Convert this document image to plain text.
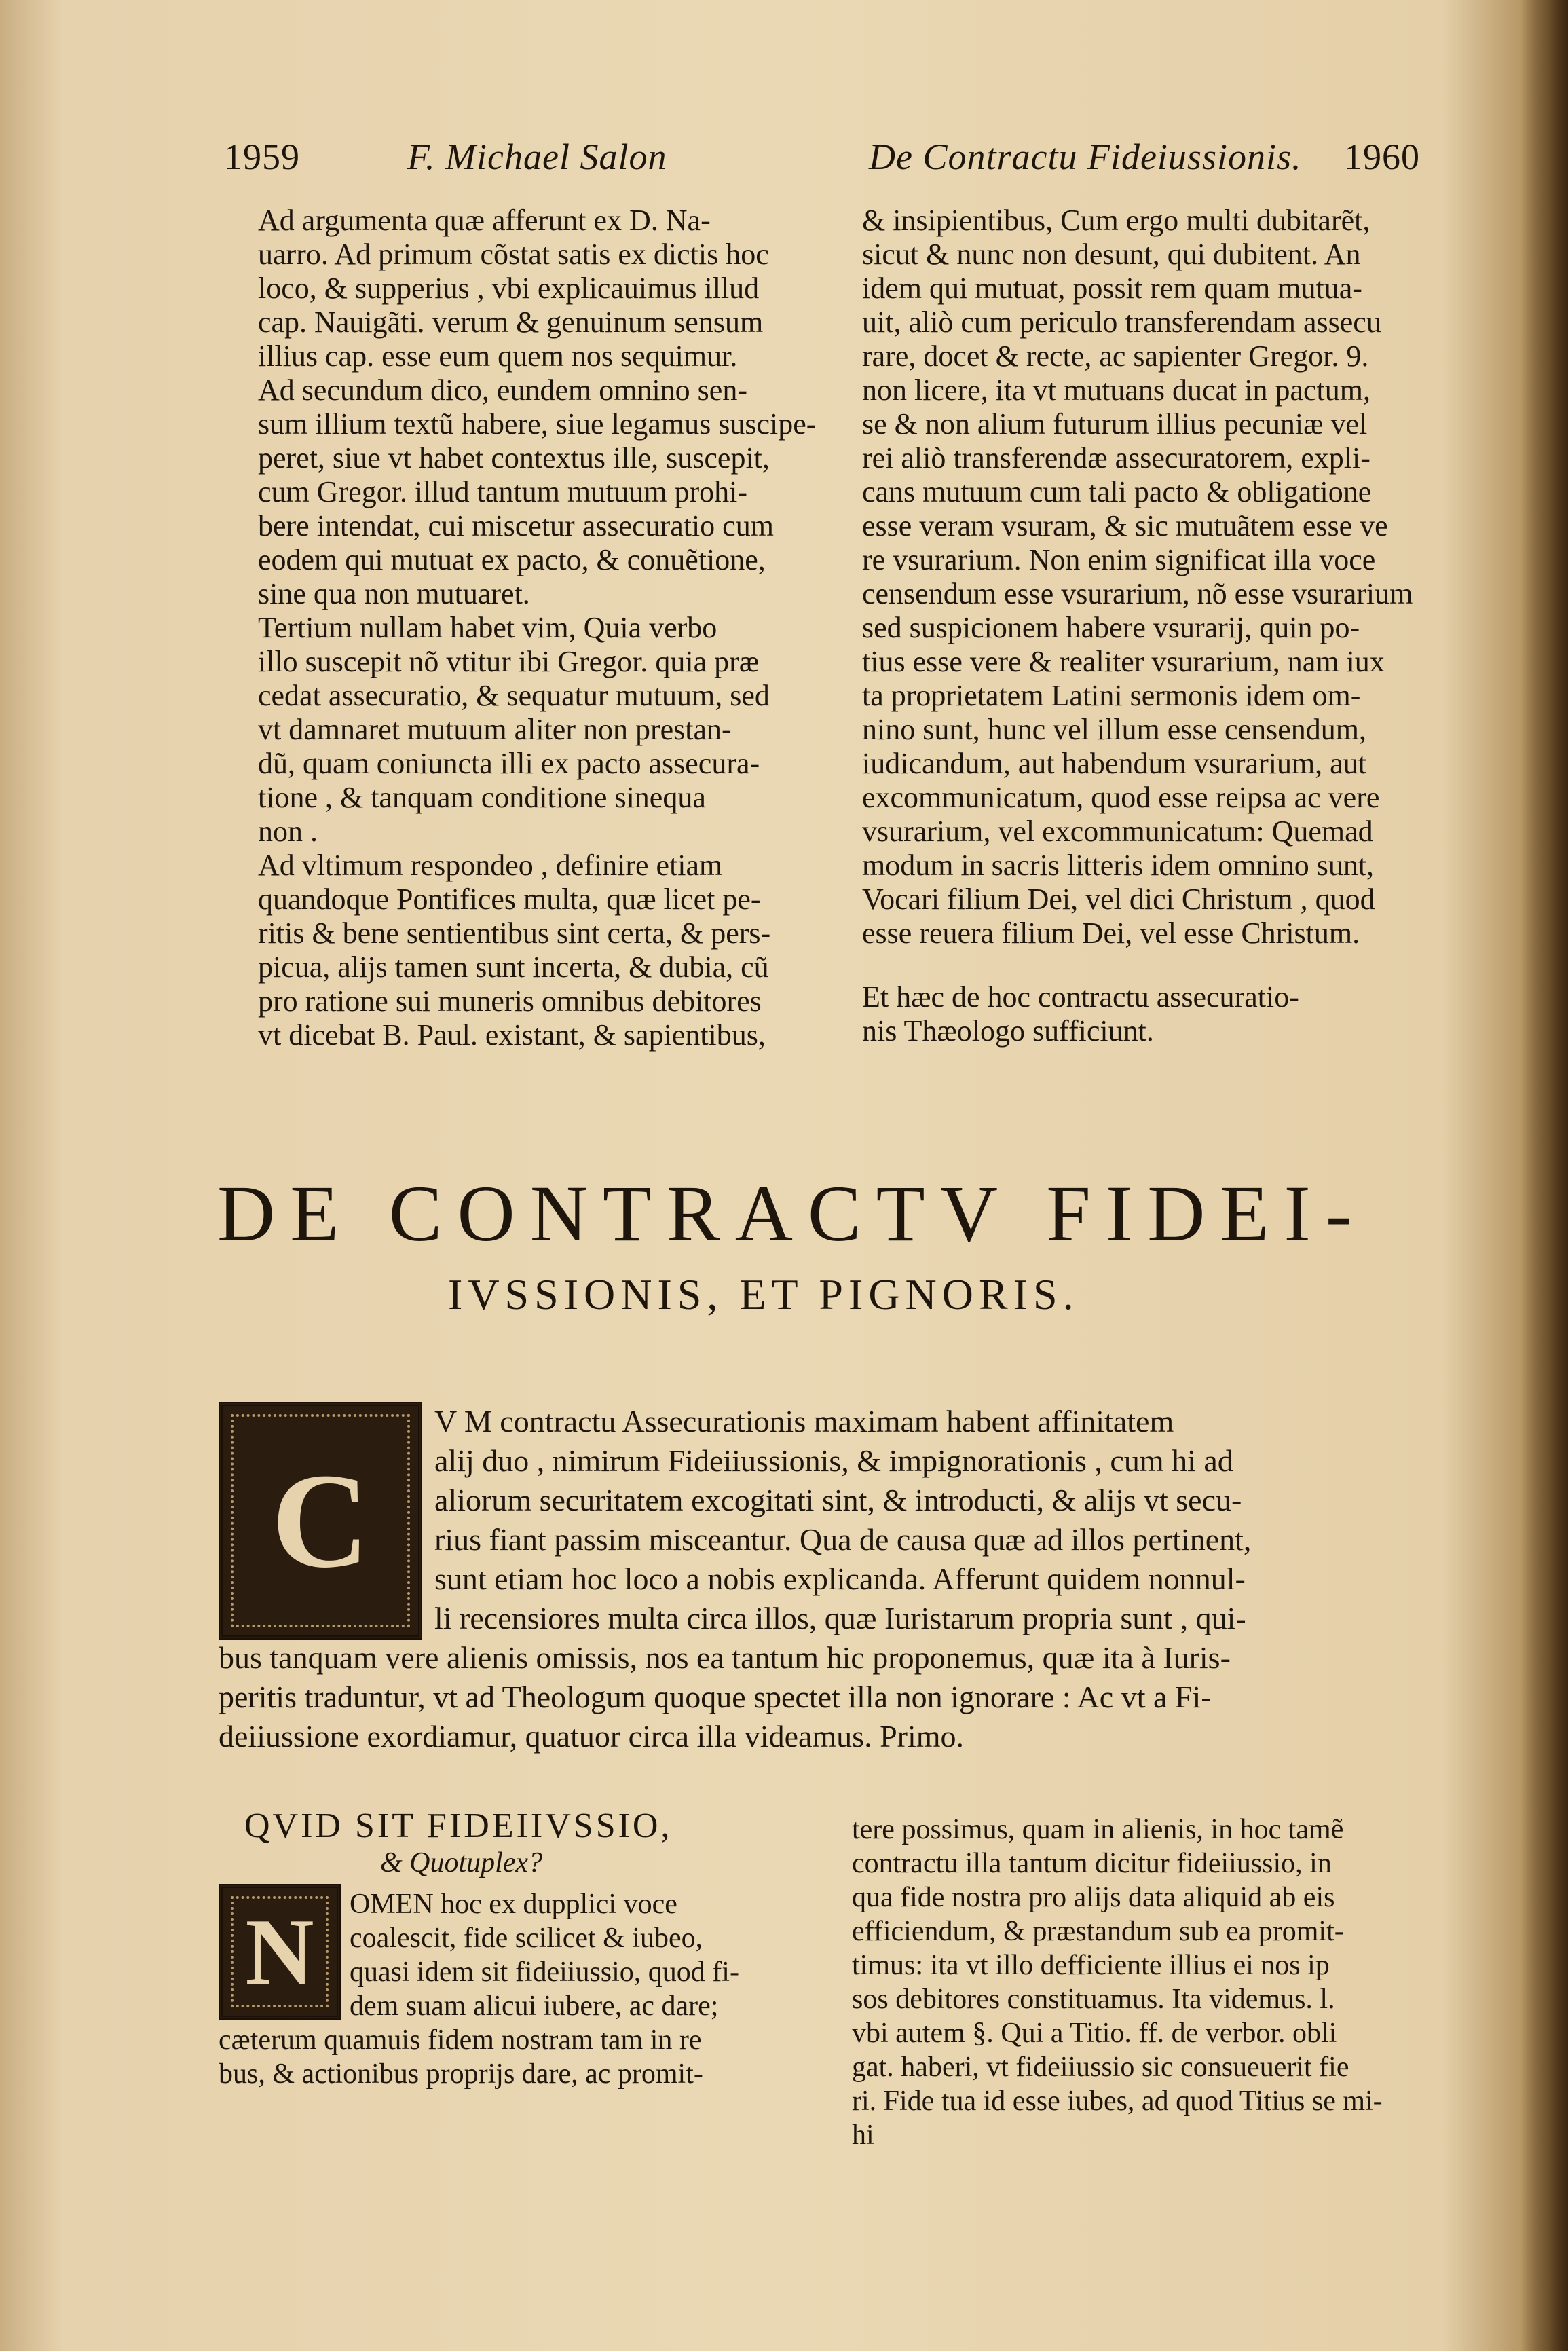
1959	F. Michael Salon	De Contractu Fideiussionis. 1960
Ad argumenta quæ afferunt ex D. Na-
uarro. Ad primum cõstat satis ex dictis hoc
loco, & supperius , vbi explicauimus illud
cap. Nauigãti. verum & genuinum sensum
illius cap. esse eum quem nos sequimur.
Ad secundum dico, eundem omnino sen-
sum illium textũ habere, siue legamus suscipe-
peret, siue vt habet contextus ille, suscepit,
cum Gregor. illud tantum mutuum prohi-
bere intendat, cui miscetur assecuratio cum
eodem qui mutuat ex pacto, & conuẽtione,
sine qua non mutuaret.
Tertium nullam habet vim, Quia verbo
illo suscepit nõ vtitur ibi Gregor. quia præ
cedat assecuratio, & sequatur mutuum, sed
vt damnaret mutuum aliter non prestan-
dũ, quam coniuncta illi ex pacto assecura-
tione , & tanquam conditione sinequa
non .
Ad vltimum respondeo , definire etiam
quandoque Pontifices multa, quæ licet pe-
ritis & bene sentientibus sint certa, & pers-
picua, alijs tamen sunt incerta, & dubia, cũ
pro ratione sui muneris omnibus debitores
vt dicebat B. Paul. existant, & sapientibus,
& insipientibus, Cum ergo multi dubitarẽt,
sicut & nunc non desunt, qui dubitent. An
idem qui mutuat, possit rem quam mutua-
uit, aliò cum periculo transferendam assecu
rare, docet & recte, ac sapienter Gregor. 9.
non licere, ita vt mutuans ducat in pactum,
se & non alium futurum illius pecuniæ vel
rei aliò transferendæ assecuratorem, expli-
cans mutuum cum tali pacto & obligatione
esse veram vsuram, & sic mutuãtem esse ve
re vsurarium. Non enim significat illa voce
censendum esse vsurarium, nõ esse vsurarium
sed suspicionem habere vsurarij, quin po-
tius esse vere & realiter vsurarium, nam iux
ta proprietatem Latini sermonis idem om-
nino sunt, hunc vel illum esse censendum,
iudicandum, aut habendum vsurarium, aut
excommunicatum, quod esse reipsa ac vere
vsurarium, vel excommunicatum: Quemad
modum in sacris litteris idem omnino sunt,
Vocari filium Dei, vel dici Christum , quod
esse reuera filium Dei, vel esse Christum.
Et hæc de hoc contractu assecuratio-
nis Thæologo sufficiunt.
DE CONTRACTV FIDEI-
IVSSIONIS, ET PIGNORIS.
C
V M contractu Assecurationis maximam habent affinitatem
alij duo , nimirum Fideiiussionis, & impignorationis , cum hi ad
aliorum securitatem excogitati sint, & introducti, & alijs vt secu-
rius fiant passim misceantur. Qua de causa quæ ad illos pertinent,
sunt etiam hoc loco a nobis explicanda. Afferunt quidem nonnul-
li recensiores multa circa illos, quæ Iuristarum propria sunt , qui-
bus tanquam vere alienis omissis, nos ea tantum hic proponemus, quæ ita à Iuris-
peritis traduntur, vt ad Theologum quoque spectet illa non ignorare : Ac vt a Fi-
deiiussione exordiamur, quatuor circa illa videamus. Primo.
QVID SIT FIDEIIVSSIO,
& Quotuplex?
N OMEN hoc ex dupplici voce
coalescit, fide scilicet & iubeo,
quasi idem sit fideiiussio, quod fi-
dem suam alicui iubere, ac dare;
cæterum quamuis fidem nostram tam in re
bus, & actionibus proprijs dare, ac promit-
tere possimus, quam in alienis, in hoc tamẽ
contractu illa tantum dicitur fideiiussio, in
qua fide nostra pro alijs data aliquid ab eis
efficiendum, & præstandum sub ea promit-
timus: ita vt illo defficiente illius ei nos ip
sos debitores constituamus. Ita videmus. l.
vbi autem §. Qui a Titio. ff. de verbor. obli
gat. haberi, vt fideiiussio sic consueuerit fie
ri. Fide tua id esse iubes, ad quod Titius se mi-
hi
